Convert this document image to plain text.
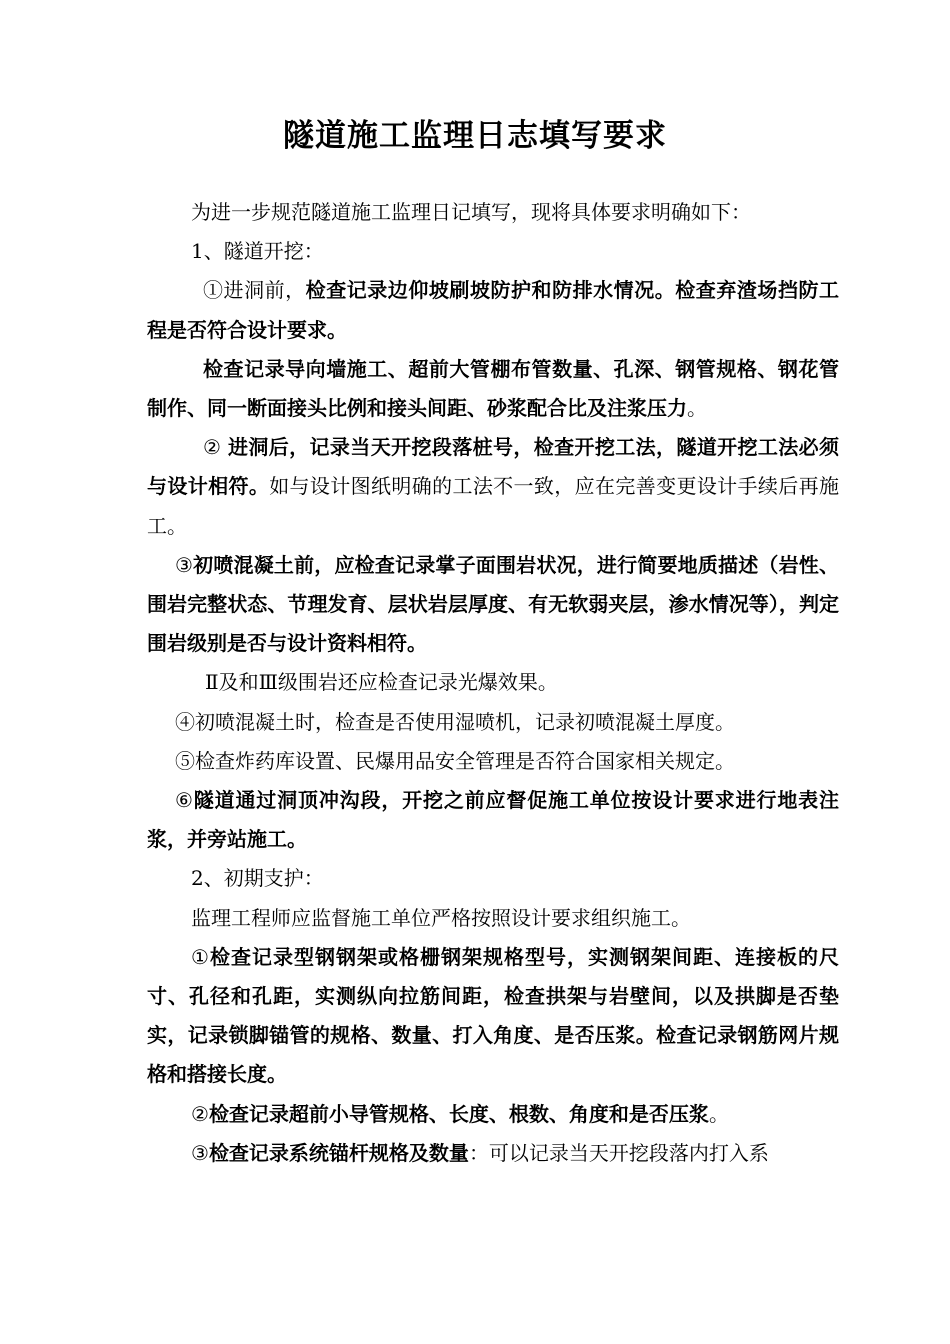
隧道施工监理日志填写要求

为进一步规范隧道施工监理日记填写，现将具体要求明确如下：

1、隧道开挖：

①进洞前，检查记录边仰坡刷坡防护和防排水情况。检查弃渣场挡防工程是否符合设计要求。

检查记录导向墙施工、超前大管棚布管数量、孔深、钢管规格、钢花管制作、同一断面接头比例和接头间距、砂浆配合比及注浆压力。

② 进洞后，记录当天开挖段落桩号，检查开挖工法，隧道开挖工法必须与设计相符。如与设计图纸明确的工法不一致，应在完善变更设计手续后再施工。

③初喷混凝土前，应检查记录掌子面围岩状况，进行简要地质描述（岩性、围岩完整状态、节理发育、层状岩层厚度、有无软弱夹层，渗水情况等），判定围岩级别是否与设计资料相符。

Ⅱ及和Ⅲ级围岩还应检查记录光爆效果。

④初喷混凝土时，检查是否使用湿喷机，记录初喷混凝土厚度。

⑤检查炸药库设置、民爆用品安全管理是否符合国家相关规定。

⑥隧道通过洞顶冲沟段，开挖之前应督促施工单位按设计要求进行地表注浆，并旁站施工。

2、初期支护：

监理工程师应监督施工单位严格按照设计要求组织施工。

①检查记录型钢钢架或格栅钢架规格型号，实测钢架间距、连接板的尺寸、孔径和孔距，实测纵向拉筋间距，检查拱架与岩壁间，以及拱脚是否垫实，记录锁脚锚管的规格、数量、打入角度、是否压浆。检查记录钢筋网片规格和搭接长度。

②检查记录超前小导管规格、长度、根数、角度和是否压浆。

③检查记录系统锚杆规格及数量：可以记录当天开挖段落内打入系
